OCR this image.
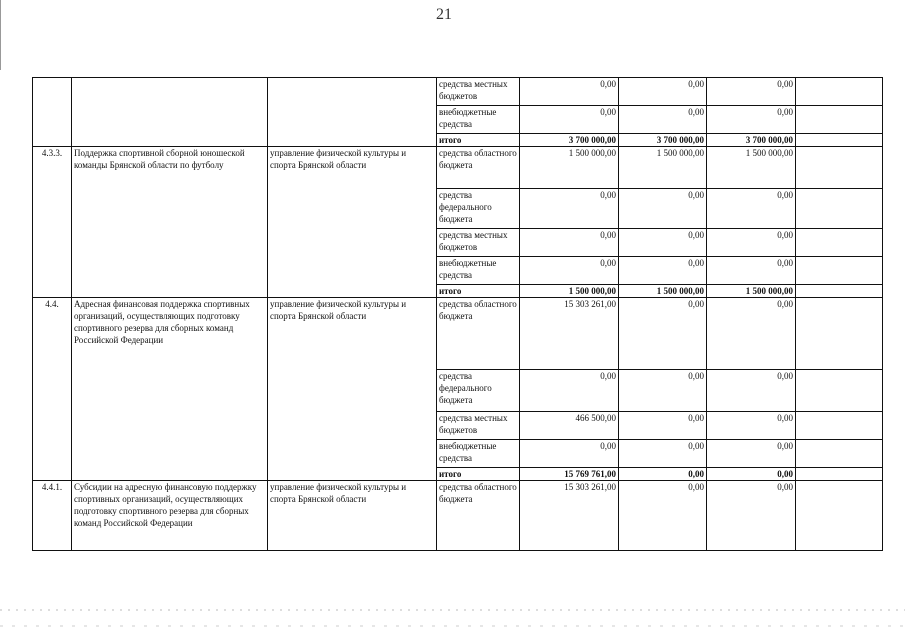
21
			средства местных бюджетов	0,00	0,00	0,00	
			внебюджетные средства	0,00	0,00	0,00	
			итого	3 700 000,00	3 700 000,00	3 700 000,00	
4.3.3.	Поддержка спортивной сборной юношеской команды Брянской области по футболу	управление физической культуры и спорта Брянской области	средства областного бюджета	1 500 000,00	1 500 000,00	1 500 000,00	
			средства федерального бюджета	0,00	0,00	0,00	
			средства местных бюджетов	0,00	0,00	0,00	
			внебюджетные средства	0,00	0,00	0,00	
			итого	1 500 000,00	1 500 000,00	1 500 000,00	
4.4.	Адресная финансовая поддержка спортивных организаций, осуществляющих подготовку спортивного резерва для сборных команд Российской Федерации	управление физической культуры и спорта Брянской области	средства областного бюджета	15 303 261,00	0,00	0,00	
			средства федерального бюджета	0,00	0,00	0,00	
			средства местных бюджетов	466 500,00	0,00	0,00	
			внебюджетные средства	0,00	0,00	0,00	
			итого	15 769 761,00	0,00	0,00	
4.4.1.	Субсидии на адресную финансовую поддержку спортивных организаций, осуществляющих подготовку спортивного резерва для сборных команд Российской Федерации	управление физической культуры и спорта Брянской области	средства областного бюджета	15 303 261,00	0,00	0,00	
